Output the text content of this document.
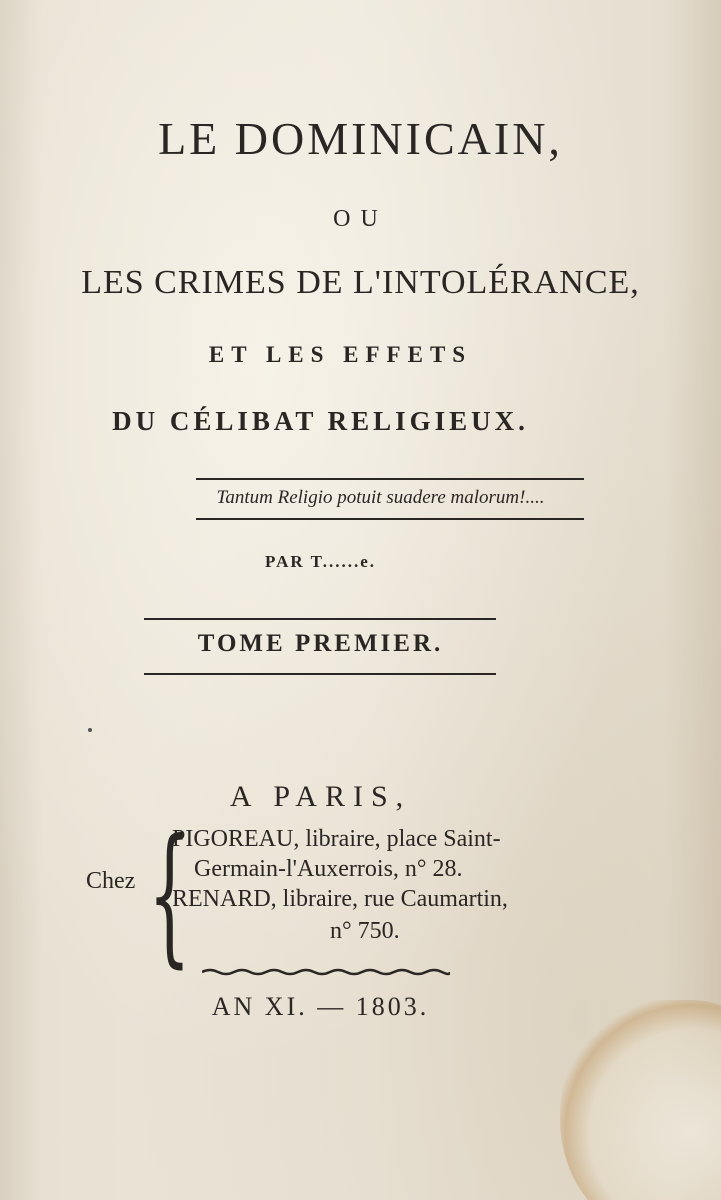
LE DOMINICAIN,
OU
LES CRIMES DE L'INTOLÉRANCE,
ET LES EFFETS
DU CÉLIBAT RELIGIEUX.
Tantum Religio potuit suadere malorum!....
PAR T......e.
TOME PREMIER.
A PARIS,
Chez {
PIGOREAU, libraire, place Saint-
Germain-l'Auxerrois, n° 28.
RENARD, libraire, rue Caumartin,
n° 750.
AN XI. — 1803.
